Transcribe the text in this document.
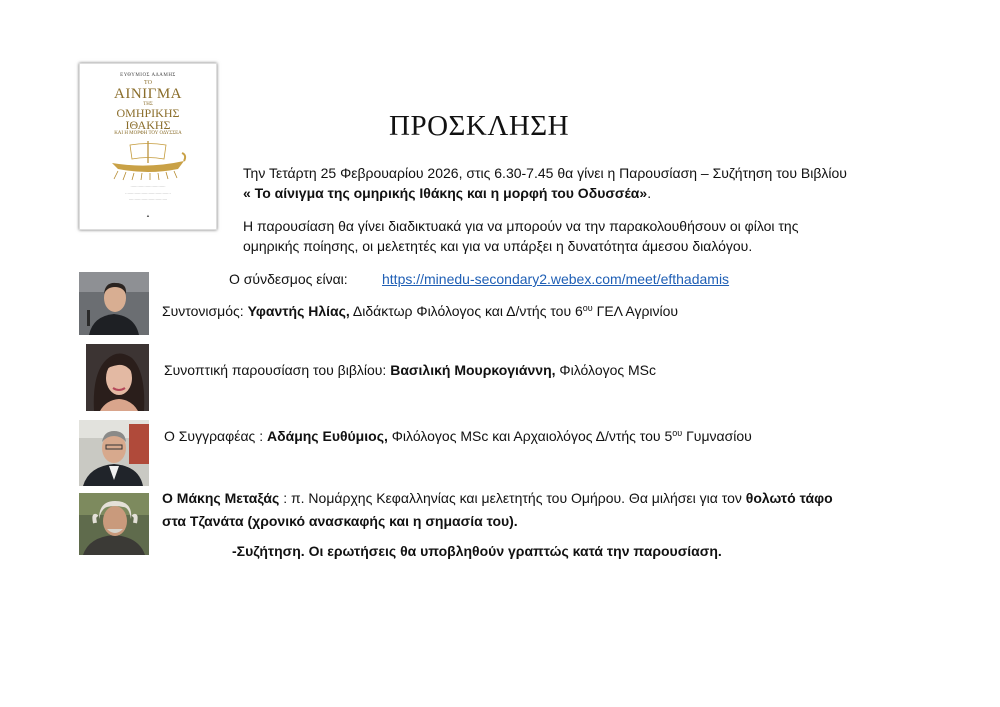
ΕΥΘΥΜΙΟΣ ΑΔΑΜΗΣ
ΤΟ
ΑΙΝΙΓΜΑ
ΤΗΣ
ΟΜΗΡΙΚΗΣ
ΙΘΑΚΗΣ
ΚΑΙ Η ΜΟΡΦΗ ΤΟΥ ΟΔΥΣΣΕΑ
…………………………
…………………………………
……………………………
▲
ΠΡΟΣΚΛΗΣΗ
Την Τετάρτη 25 Φεβρουαρίου 2026, στις 6.30-7.45 θα γίνει η Παρουσίαση – Συζήτηση του Βιβλίου
« Το αίνιγμα της ομηρικής Ιθάκης και η μορφή του Οδυσσέα».
Η παρουσίαση θα γίνει διαδικτυακά για να μπορούν να την παρακολουθήσουν οι φίλοι της
ομηρικής ποίησης, οι μελετητές και για να υπάρξει η δυνατότητα άμεσου διαλόγου.
Ο σύνδεσμος είναι: https://minedu-secondary2.webex.com/meet/efthadamis
Συντονισμός: Υφαντής Ηλίας, Διδάκτωρ Φιλόλογος και Δ/ντής του $6^{o\upsilon}$ ΓΕΛ Αγρινίου
Συνοπτική παρουσίαση του βιβλίου: Βασιλική Μουρκογιάννη, Φιλόλογος MSc
Ο Συγγραφέας : Αδάμης Ευθύμιος, Φιλόλογος MSc και Αρχαιολόγος Δ/ντής του $5^{o\upsilon}$ Γυμνασίου
Ο Μάκης Μεταξάς : π. Νομάρχης Κεφαλληνίας και μελετητής του Ομήρου. Θα μιλήσει για τον θολωτό τάφο
στα Τζανάτα (χρονικό ανασκαφής και η σημασία του).
-Συζήτηση. Οι ερωτήσεις θα υποβληθούν γραπτώς κατά την παρουσίαση.
